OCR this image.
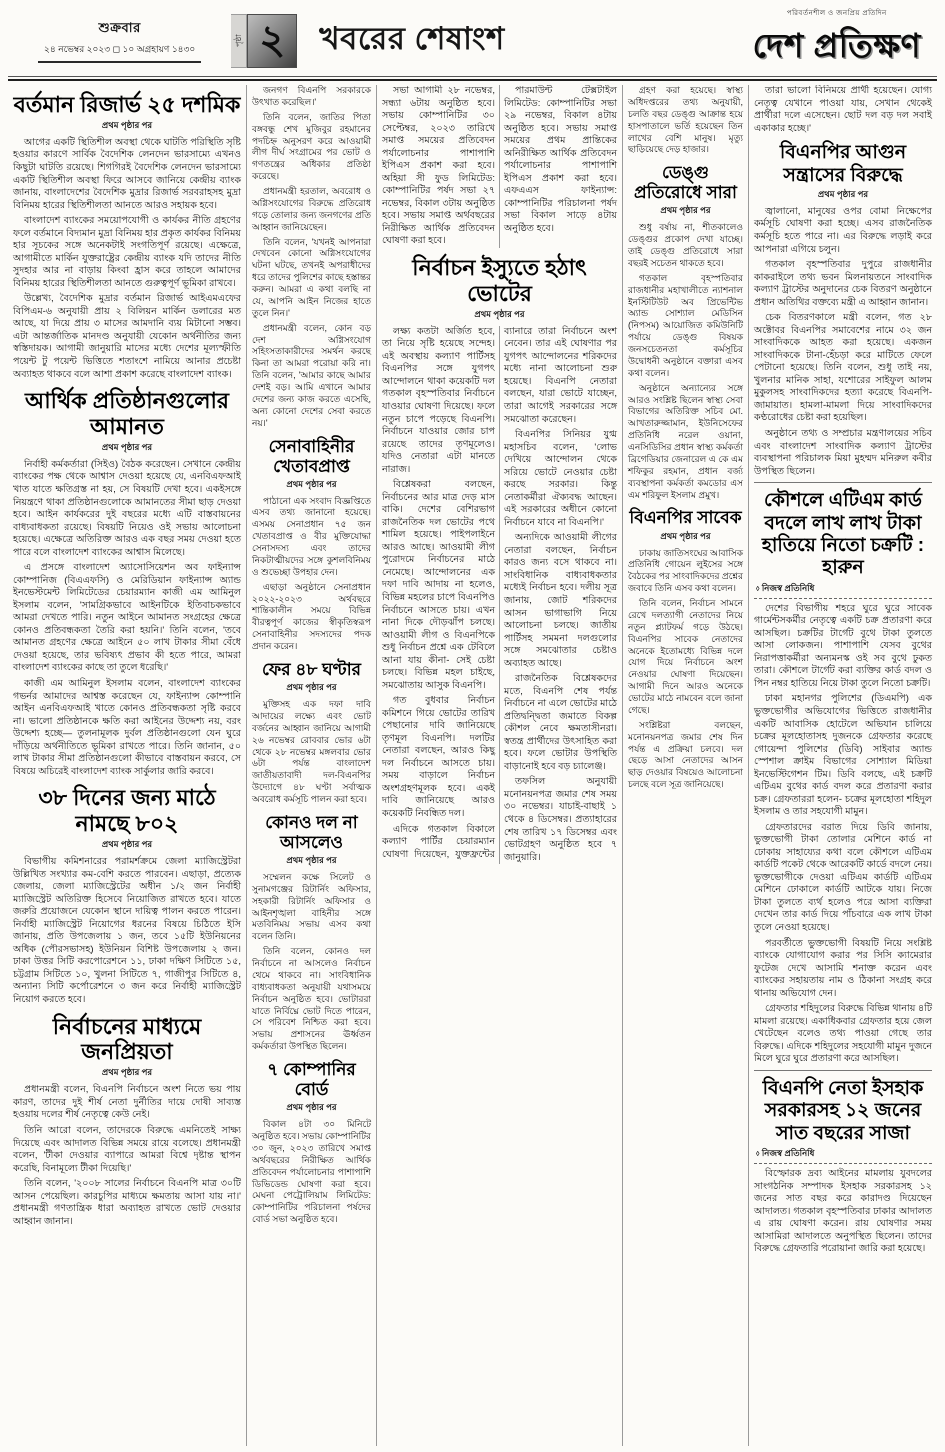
শুক্রবার
২৪ নভেম্বর ২০২৩ ◻ ১০ অগ্রহায়ণ ১৪৩০
পৃষ্ঠা ২	খবরের শেষাংশ
পরিবর্তনশীল ও জনপ্রিয় প্রতিদিন
দেশ প্রতিক্ষণ
বর্তমান রিজার্ভ ২৫ দশমিক
প্রথম পৃষ্ঠার পর

আগের একটি স্থিতিশীল অবস্থা থেকে ঘাটতি পরিস্থিতি সৃষ্টি হওয়ার কারণে সার্বিক বৈদেশিক লেনদেন ভারসাম্যে এখনও কিছুটা ঘাটতি রয়েছে। শিগগিরই বৈদেশিক লেনদেন ভারসাম্যে একটি স্থিতিশীল অবস্থা ফিরে আসবে জানিয়ে কেন্দ্রীয় ব্যাংক জানায়, বাংলাদেশের বৈদেশিক মুদ্রার রিজার্ভ সরবরাহসহ মুদ্রা বিনিময় হারের স্থিতিশীলতা আনতে আরও সহায়ক হবে।

বাংলাদেশ ব্যাংকের সময়োপযোগী ও কার্যকর নীতি গ্রহণের ফলে বর্তমানে বিদ্যমান মুদ্রা বিনিময় হার প্রকৃত কার্যকর বিনিময় হার সূচকের সঙ্গে অনেকটাই সংগতিপূর্ণ রয়েছে। এক্ষেত্রে, আগামীতে মার্কিন যুক্তরাষ্ট্রের কেন্দ্রীয় ব্যাংক যদি তাদের নীতি সুদহার আর না বাড়ায় কিংবা হ্রাস করে তাহলে আমাদের বিনিময় হারের স্থিতিশীলতা আনতে গুরুত্বপূর্ণ ভূমিকা রাখবে।

উল্লেখ্য, বৈদেশিক মুদ্রার বর্তমান রিজার্ভ আইএমএফের বিপিএম-৬ অনুযায়ী প্রায় ২ বিলিয়ন মার্কিন ডলারের মত আছে, যা দিয়ে প্রায় ৩ মাসের আমদানি ব্যয় মিটানো সম্ভব। এটা আন্তর্জাতিক মানদণ্ড অনুযায়ী যেকোন অর্থনীতির জন্য স্বস্তিদায়ক। আগামী জানুয়ারি মাসের মধ্যে দেশের মূল্যস্ফীতি পয়েন্ট টু পয়েন্ট ভিত্তিতে শতাংশে নামিয়ে আনার প্রচেষ্টা অব্যাহত থাকবে বলে আশা প্রকাশ করেছে বাংলাদেশ ব্যাংক।

আর্থিক প্রতিষ্ঠানগুলোর আমানত
প্রথম পৃষ্ঠার পর

নির্বাহী কর্মকর্তারা (সিইও) বৈঠক করেছেন। সেখানে কেন্দ্রীয় ব্যাংকের পক্ষ থেকে আশ্বাস দেওয়া হয়েছে যে, এনবিএফআই খাত যাতে ক্ষতিগ্রস্ত না হয়, সে বিষয়টি দেখা হবে। একইসঙ্গে নিয়ন্ত্রণে থাকা প্রতিষ্ঠানগুলোকে আমানতের সীমা ছাড় দেওয়া হবে। আইন কার্যকরের দুই বছরের মধ্যে এটি বাস্তবায়নের বাধ্যবাধকতা রয়েছে। বিষয়টি নিয়েও ওই সভায় আলোচনা হয়েছে। এক্ষেত্রে অতিরিক্ত আরও এক বছর সময় দেওয়া হতে পারে বলে বাংলাদেশ ব্যাংকের আশ্বাস মিলেছে।

এ প্রসঙ্গে বাংলাদেশ অ্যাসোসিয়েশন অব ফাইন্যান্স কোম্পানিজ (বিএএফসি) ও মেরিডিয়ান ফাইন্যান্স অ্যান্ড ইনভেস্টমেন্ট লিমিটেডের চেয়ারম্যান কাজী এম আমিনুল ইসলাম বলেন, 'সামগ্রিকভাবে আইনটিকে ইতিবাচকভাবে আমরা দেখতে পারি। নতুন আইনে আমানত সংগ্রহের ক্ষেত্রে কোনও প্রতিবন্ধকতা তৈরি করা হয়নি।' তিনি বলেন, 'তবে আমানত গ্রহণের ক্ষেত্রে আইনে ৫০ লাখ টাকার সীমা বেঁধে দেওয়া হয়েছে, তার ভবিষ্যৎ প্রভাব কী হতে পারে, আমরা বাংলাদেশ ব্যাংকের কাছে তা তুলে ধরেছি।'

কাজী এম আমিনুল ইসলাম বলেন, বাংলাদেশ ব্যাংকের গভর্নর আমাদের আশ্বস্ত করেছেন যে, ফাইন্যান্স কোম্পানি আইন এনবিএফআই খাতে কোনও প্রতিবন্ধকতা সৃষ্টি করবে না। ভালো প্রতিষ্ঠানকে ক্ষতি করা আইনের উদ্দেশ্য নয়, বরং উদ্দেশ্য হচ্ছে— তুলনামূলক দুর্বল প্রতিষ্ঠানগুলো যেন ঘুরে দাঁড়িয়ে অর্থনীতিতে ভূমিকা রাখতে পারে। তিনি জানান, ৫০ লাখ টাকার সীমা প্রতিষ্ঠানগুলো কীভাবে বাস্তবায়ন করবে, সে বিষয়ে অচিরেই বাংলাদেশ ব্যাংক সার্কুলার জারি করবে।

৩৮ দিনের জন্য মাঠে নামছে ৮০২
প্রথম পৃষ্ঠার পর

বিভাগীয় কমিশনারের পরামর্শক্রমে জেলা ম্যাজিস্ট্রেটরা উল্লিখিত সংখ্যার কম-বেশি করতে পারবেন। এছাড়া, প্রত্যেক জেলায়, জেলা ম্যাজিস্ট্রেটের অধীন ১/২ জন নির্বাহী ম্যাজিস্ট্রেট অতিরিক্ত হিসেবে নিয়োজিত রাখতে হবে। যাতে জরুরি প্রয়োজনে যেকোন স্থানে দায়িত্ব পালন করতে পারেন। নির্বাহী ম্যাজিস্ট্রেট নিয়োগের ধরনের বিষয়ে চিঠিতে ইসি জানায়, প্রতি উপজেলায় ১ জন, তবে ১৫টি ইউনিয়নের অধিক (পৌরসভাসহ) ইউনিয়ন বিশিষ্ট উপজেলায় ২ জন। ঢাকা উত্তর সিটি করপোরেশনে ১১, ঢাকা দক্ষিণ সিটিতে ১৫, চট্টগ্রাম সিটিতে ১০, খুলনা সিটিতে ৭, গাজীপুর সিটিতে ৪, অন্যান্য সিটি কর্পোরেশনে ৩ জন করে নির্বাহী ম্যাজিস্ট্রেট নিয়োগ করতে হবে।

নির্বাচনের মাধ্যমে জনপ্রিয়তা
প্রথম পৃষ্ঠার পর

প্রধানমন্ত্রী বলেন, বিএনপি নির্বাচনে অংশ নিতে ভয় পায় কারণ, তাদের দুই শীর্ষ নেতা দুর্নীতির দায়ে দোষী সাব্যস্ত হওয়ায় দলের শীর্ষ নেতৃত্বে কেউ নেই।

তিনি আরো বলেন, তাদেরকে বিরুদ্ধে এমনিতেই সাক্ষ্য দিয়েছে এবং আদালত বিভিন্ন সময়ে রায়ে বলেছে। প্রধানমন্ত্রী বলেন, 'টীকা দেওয়ার ব্যাপারে আমরা বিশ্বে দৃষ্টান্ত স্থাপন করেছি, বিনামূল্যে টীকা দিয়েছি।'

তিনি বলেন, '২০০৮ সালের নির্বাচনে বিএনপি মাত্র ৩০টি আসন পেয়েছিল। কারচুপির মাধ্যমে ক্ষমতায় আসা যায় না।' প্রধানমন্ত্রী গণতান্ত্রিক ধারা অব্যাহত রাখতে ভোট দেওয়ার আহ্বান জানান।

জনগণ বিএনপি সরকারকে উৎখাত করেছিল।'

তিনি বলেন, জাতির পিতা বঙ্গবন্ধু শেখ মুজিবুর রহমানের পদচিহ্ন অনুসরণ করে আওয়ামী লীগ দীর্ঘ সংগ্রামের পর ভোট ও গণতন্ত্রের অধিকার প্রতিষ্ঠা করেছে।

প্রধানমন্ত্রী হরতাল, অবরোধ ও অগ্নিসংযোগের বিরুদ্ধে প্রতিরোধ গড়ে তোলার জন্য জনগণের প্রতি আহ্বান জানিয়েছেন।

তিনি বলেন, 'যখনই আপনারা দেখবেন কোনো অগ্নিসংযোগের ঘটনা ঘটছে, তখনই অপরাধীদের ধরে তাদের পুলিশের কাছে হস্তান্তর করুন। আমরা এ কথা বলছি না যে, আপনি আইন নিজের হাতে তুলে নিন।'

প্রধানমন্ত্রী বলেন, কোন বড় দেশ অগ্নিসংযোগ সহিংসতাকারীদের সমর্থন করছে কিনা তা আমরা পরোয়া করি না। তিনি বলেন, 'আমার কাছে আমার দেশই বড়। আমি এখানে আমার দেশের জন্য কাজ করতে এসেছি, অন্য কোনো দেশের সেবা করতে নয়।'

সেনাবাহিনীর খেতাবপ্রাপ্ত
প্রথম পৃষ্ঠার পর

পাঠানো এক সংবাদ বিজ্ঞপ্তিতে এসব তথ্য জানানো হয়েছে। এসময় সেনাপ্রধান ৭৫ জন খেতাবপ্রাপ্ত ও বীর মুক্তিযোদ্ধা সেনাসদস্য এবং তাদের নিকটাত্মীয়দের সঙ্গে কুশলবিনিময় ও শুভেচ্ছা উপহার দেন।

এছাড়া অনুষ্ঠানে সেনাপ্রধান ২০২২-২০২৩ অর্থবছরে শান্তিকালীন সময়ে বিভিন্ন বীরত্বপূর্ণ কাজের স্বীকৃতিস্বরূপ সেনাবাহিনীর সদস্যদের পদক প্রদান করেন।

ফের ৪৮ ঘণ্টার
প্রথম পৃষ্ঠার পর

মুক্তিসহ এক দফা দাবি আদায়ের লক্ষ্যে এবং ভোট বর্জনের আহ্বান জানিয়ে আগামী ২৬ নভেম্বর রোববার ভোর ৬টা থেকে ২৮ নভেম্বর মঙ্গলবার ভোর ৬টা পর্যন্ত বাংলাদেশ জাতীয়তাবাদী দল-বিএনপির উদ্যোগে ৪৮ ঘণ্টা সর্বাত্মক অবরোধ কর্মসূচি পালন করা হবে।

কোনও দল না আসলেও
প্রথম পৃষ্ঠার পর

সম্মেলন কক্ষে সিলেট ও সুনামগঞ্জের রিটার্নিং অফিসার, সহকারী রিটার্নিং অফিসার ও আইনশৃঙ্খলা বাহিনীর সঙ্গে মতবিনিময় সভায় এসব কথা বলেন তিনি।

তিনি বলেন, কোনও দল নির্বাচনে না আসলেও নির্বাচন থেমে থাকবে না। সাংবিধানিক বাধ্যবাধকতা অনুযায়ী যথাসময়ে নির্বাচন অনুষ্ঠিত হবে। ভোটাররা যাতে নির্বিঘ্নে ভোট দিতে পারেন, সে পরিবেশ নিশ্চিত করা হবে। সভায় প্রশাসনের ঊর্ধ্বতন কর্মকর্তারা উপস্থিত ছিলেন।

৭ কোম্পানির বোর্ড
প্রথম পৃষ্ঠার পর

বিকাল ৪টা ৩০ মিনিটে অনুষ্ঠিত হবে। সভায় কোম্পানিটির ৩০ জুন, ২০২৩ তারিখে সমাপ্ত অর্থবছরের নিরীক্ষিত আর্থিক প্রতিবেদন পর্যালোচনার পাশাপাশি ডিভিডেন্ড ঘোষণা করা হবে। মেঘনা পেট্রোলিয়াম লিমিটেড: কোম্পানিটির পরিচালনা পর্ষদের বোর্ড সভা অনুষ্ঠিত হবে।

সভা আগামী ২৮ নভেম্বর, সন্ধ্যা ৬টায় অনুষ্ঠিত হবে। সভায় কোম্পানিটির ৩০ সেপ্টেম্বর, ২০২৩ তারিখে সমাপ্ত সময়ের প্রতিবেদন পর্যালোচনার পাশাপাশি ইপিএস প্রকাশ করা হবে। অহিয়া সী ফুড লিমিটেড: কোম্পানিটির পর্ষদ সভা ২৭ নভেম্বর, বিকাল ৩টায় অনুষ্ঠিত হবে। সভায় সমাপ্ত অর্থবছরের নিরীক্ষিত আর্থিক প্রতিবেদন ঘোষণা করা হবে।

পারমাউন্ট টেক্সটাইল লিমিটেড: কোম্পানিটির সভা ২৯ নভেম্বর, বিকাল ৪টায় অনুষ্ঠিত হবে। সভায় সমাপ্ত সময়ের প্রথম প্রান্তিকের অনিরীক্ষিত আর্থিক প্রতিবেদন পর্যালোচনার পাশাপাশি ইপিএস প্রকাশ করা হবে। এফএএস ফাইন্যান্স: কোম্পানিটির পরিচালনা পর্ষদ সভা বিকাল সাড়ে ৪টায় অনুষ্ঠিত হবে।

নির্বাচন ইস্যুতে হঠাৎ ভোটের
প্রথম পৃষ্ঠার পর

লক্ষ্য কতটা অর্জিত হবে, তা নিয়ে সৃষ্টি হয়েছে সন্দেহ। এই অবস্থায় কল্যাণ পার্টিসহ বিএনপির সঙ্গে যুগপৎ আন্দোলনে থাকা কয়েকটি দল গতকাল বৃহস্পতিবার নির্বাচনে যাওয়ার ঘোষণা দিয়েছে। ফলে নতুন চাপে পড়েছে বিএনপি। নির্বাচনে যাওয়ার জোর চাপ রয়েছে তাদের তৃণমূলেও। যদিও নেতারা এটা মানতে নারাজ।

বিশ্লেষকরা বলছেন, নির্বাচনের আর মাত্র দেড় মাস বাকি। দেশের বেশিরভাগ রাজনৈতিক দল ভোটের পথে শামিল হয়েছে। পাইপলাইনে আরও আছে। আওয়ামী লীগ পুরোদমে নির্বাচনের মাঠে নেমেছে। আন্দোলনের এক দফা দাবি আদায় না হলেও, বিভিন্ন মহলের চাপে বিএনপিও নির্বাচনে আসতে চায়। এখন নানা দিকে দৌড়ঝাঁপ চলছে। আওয়ামী লীগ ও বিএনপিকে শুধু নির্বাচন প্রশ্নে এক টেবিলে আনা যায় কীনা- সেই চেষ্টা চলছে। বিভিন্ন মহল চাইছে, সমঝোতায় আসুক বিএনপি।

গত বুধবার নির্বাচন কমিশনে গিয়ে ভোটের তারিখ পেছানোর দাবি জানিয়েছে তৃণমূল বিএনপি। দলটির নেতারা বলছেন, আরও কিছু দল নির্বাচনে আসতে চায়। সময় বাড়ালে নির্বাচন অংশগ্রহণমূলক হবে। একই দাবি জানিয়েছে আরও কয়েকটি নিবন্ধিত দল।

এদিকে গতকাল বিকালে কল্যাণ পার্টির চেয়ারম্যান ঘোষণা দিয়েছেন, যুক্তফ্রন্টের ব্যানারে তারা নির্বাচনে অংশ নেবেন। তার এই ঘোষণার পর যুগপৎ আন্দোলনের শরিকদের মধ্যে নানা আলোচনা শুরু হয়েছে। বিএনপি নেতারা বলছেন, যারা ভোটে যাচ্ছেন, তারা আগেই সরকারের সঙ্গে সমঝোতা করেছেন।

বিএনপির সিনিয়র যুগ্ম মহাসচিব বলেন, 'লোভ দেখিয়ে আন্দোলন থেকে সরিয়ে ভোটে নেওয়ার চেষ্টা করছে সরকার। কিন্তু নেতাকর্মীরা ঐক্যবদ্ধ আছেন। এই সরকারের অধীনে কোনো নির্বাচনে যাবে না বিএনপি।'

অন্যদিকে আওয়ামী লীগের নেতারা বলছেন, নির্বাচন কারও জন্য বসে থাকবে না। সাংবিধানিক বাধ্যবাধকতার মধ্যেই নির্বাচন হবে। দলীয় সূত্র জানায়, জোট শরিকদের আসন ভাগাভাগি নিয়ে আলোচনা চলছে। জাতীয় পার্টিসহ সমমনা দলগুলোর সঙ্গে সমঝোতার চেষ্টাও অব্যাহত আছে।

রাজনৈতিক বিশ্লেষকদের মতে, বিএনপি শেষ পর্যন্ত নির্বাচনে না এলে ভোটের মাঠে প্রতিদ্বন্দ্বিতা জমাতে বিকল্প কৌশল নেবে ক্ষমতাসীনরা। স্বতন্ত্র প্রার্থীদের উৎসাহিত করা হবে। ফলে ভোটার উপস্থিতি বাড়ানোই হবে বড় চ্যালেঞ্জ।

তফসিল অনুযায়ী মনোনয়নপত্র জমার শেষ সময় ৩০ নভেম্বর। যাচাই-বাছাই ১ থেকে ৪ ডিসেম্বর। প্রত্যাহারের শেষ তারিখ ১৭ ডিসেম্বর এবং ভোটগ্রহণ অনুষ্ঠিত হবে ৭ জানুয়ারি।

গ্রহণ করা হয়েছে। স্বাস্থ্য অধিদপ্তরের তথ্য অনুযায়ী, চলতি বছর ডেঙ্গু আক্রান্ত হয়ে হাসপাতালে ভর্তি হয়েছেন তিন লাখের বেশি মানুষ। মৃত্যু ছাড়িয়েছে দেড় হাজার।

ডেঙ্গু প্রতিরোধে সারা
প্রথম পৃষ্ঠার পর

শুধু বর্ষায় না, শীতকালেও ডেঙ্গুর প্রকোপ দেখা যাচ্ছে। তাই ডেঙ্গু প্রতিরোধে সারা বছরই সচেতন থাকতে হবে।

গতকাল বৃহস্পতিবার রাজধানীর মহাখালীতে ন্যাশনাল ইনস্টিটিউট অব প্রিভেন্টিভ অ্যান্ড সোশ্যাল মেডিসিন (নিপসম) আয়োজিত কমিউনিটি পর্যায়ে ডেঙ্গু বিষয়ক জনসচেতনতা কর্মসূচির উদ্বোধনী অনুষ্ঠানে বক্তারা এসব কথা বলেন।

অনুষ্ঠানে অন্যান্যের সঙ্গে আরও সংশ্লিষ্ট ছিলেন স্বাস্থ্য সেবা বিভাগের অতিরিক্ত সচিব মো. আখতারুজ্জামান, ইউনিসেফের প্রতিনিধি নরেল ওয়ানা, এনসিডিসির প্রধান স্বাস্থ্য কর্মকর্তা ব্রিগেডিয়ার জেনারেল এ কে এম শফিকুর রহমান, প্রধান বর্জ্য ব্যবস্থাপনা কর্মকর্তা কমডোর এস এম শরিফুল ইসলাম প্রমুখ।

বিএনপির সাবেক
প্রথম পৃষ্ঠার পর

ঢাকায় জাতিসংঘের আবাসিক প্রতিনিধি গোয়েন লুইসের সঙ্গে বৈঠকের পর সাংবাদিকদের প্রশ্নের জবাবে তিনি এসব কথা বলেন।

তিনি বলেন, নির্বাচন সামনে রেখে দলত্যাগী নেতাদের নিয়ে নতুন প্ল্যাটফর্ম গড়ে উঠছে। বিএনপির সাবেক নেতাদের অনেকে ইতোমধ্যে বিভিন্ন দলে যোগ দিয়ে নির্বাচনে অংশ নেওয়ার ঘোষণা দিয়েছেন। আগামী দিনে আরও অনেকে ভোটের মাঠে নামবেন বলে জানা গেছে।

সংশ্লিষ্টরা বলছেন, মনোনয়নপত্র জমার শেষ দিন পর্যন্ত এ প্রক্রিয়া চলবে। দল ছেড়ে আসা নেতাদের আসন ছাড় দেওয়ার বিষয়েও আলোচনা চলছে বলে সূত্র জানিয়েছে।

তারা ভালো বিনিময়ে প্রার্থী হয়েছেন। যোগ্য নেতৃত্ব যেখানে পাওয়া যায়, সেখান থেকেই প্রার্থীরা দলে এসেছেন। ছোট দল বড় দল সবাই একাকার হচ্ছে।'

বিএনপির আগুন সন্ত্রাসের বিরুদ্ধে
প্রথম পৃষ্ঠার পর

জ্বালানো, মানুষের ওপর বোমা নিক্ষেপের কর্মসূচি ঘোষণা করা হচ্ছে। এসব রাজনৈতিক কর্মসূচি হতে পারে না। এর বিরুদ্ধে লড়াই করে আপনারা এগিয়ে চলুন।

গতকাল বৃহস্পতিবার দুপুরে রাজধানীর কাকরাইলে তথ্য ভবন মিলনায়তনে সাংবাদিক কল্যাণ ট্রাস্টের অনুদানের চেক বিতরণ অনুষ্ঠানে প্রধান অতিথির বক্তব্যে মন্ত্রী এ আহ্বান জানান।

চেক বিতরণকালে মন্ত্রী বলেন, গত ২৮ অক্টোবর বিএনপির সমাবেশের নামে ৩২ জন সাংবাদিককে আহত করা হয়েছে। একজন সাংবাদিককে টানা-হেঁচড়া করে মাটিতে ফেলে পেটানো হয়েছে। তিনি বলেন, শুধু তাই নয়, খুলনার মানিক সাহা, যশোরের সাইফুল আলম মুকুলসহ সাংবাদিকদের হত্যা করেছে বিএনপি-জামায়াত। হামলা-মামলা দিয়ে সাংবাদিকদের কণ্ঠরোধের চেষ্টা করা হয়েছিল।

অনুষ্ঠানে তথ্য ও সম্প্রচার মন্ত্রণালয়ের সচিব এবং বাংলাদেশ সাংবাদিক কল্যাণ ট্রাস্টের ব্যবস্থাপনা পরিচালক মিয়া মুহম্মদ মনিরুল কবীর উপস্থিত ছিলেন।

কৌশলে এটিএম কার্ড বদলে লাখ লাখ টাকা হাতিয়ে নিতো চক্রটি : হারুন
◊ নিজস্ব প্রতিনিধি

দেশের বিভাগীয় শহরে ঘুরে ঘুরে সাবেক গার্মেন্টসকর্মীর নেতৃত্বে একটি চক্র প্রতারণা করে আসছিল। চক্রটির টার্গেট বুথে টাকা তুলতে আসা লোকজন। পাশাপাশি যেসব বুথের নিরাপত্তাকর্মীরা অন্যমনস্ক ওই সব বুথে ঢুকত তারা। কৌশলে টার্গেট করা ব্যক্তির কার্ড বদল ও পিন নম্বর হাতিয়ে নিয়ে টাকা তুলে নিতো চক্রটি।

ঢাকা মহানগর পুলিশের (ডিএমপি) এক ভুক্তভোগীর অভিযোগের ভিত্তিতে রাজধানীর একটি আবাসিক হোটেলে অভিযান চালিয়ে চক্রের মূলহোতাসহ দুজনকে গ্রেফতার করেছে গোয়েন্দা পুলিশের (ডিবি) সাইবার অ্যান্ড স্পেশাল ক্রাইম বিভাগের সোশ্যাল মিডিয়া ইনভেস্টিগেশন টিম। ডিবি বলছে, এই চক্রটি এটিএম বুথের কার্ড বদল করে প্রতারণা করার চক্র। গ্রেফতাররা হলেন- চক্রের মূলহোতা শহিদুল ইসলাম ও তার সহযোগী মামুন।

গ্রেফতারদের বরাত দিয়ে ডিবি জানায়, ভুক্তভোগী টাকা তোলার মেশিনে কার্ড না ঢোকায় সাহায্যের কথা বলে কৌশলে এটিএম কার্ডটি পকেট থেকে আরেকটি কার্ডে বদলে নেয়। ভুক্তভোগীকে দেওয়া এটিএম কার্ডটি এটিএম মেশিনে ঢোকালে কার্ডটি আটকে যায়। নিজে টাকা তুলতে ব্যর্থ হলেও পরে আসা ব্যক্তিরা দেখেন তার কার্ড দিয়ে পাঁচবারে এক লাখ টাকা তুলে নেওয়া হয়েছে।

পরবর্তীতে ভুক্তভোগী বিষয়টি নিয়ে সংশ্লিষ্ট ব্যাংকে যোগাযোগ করার পর সিসি ক্যামেরার ফুটেজ দেখে আসামি শনাক্ত করেন এবং ব্যাংকের সহায়তায় নাম ও ঠিকানা সংগ্রহ করে থানায় অভিযোগ দেন।

গ্রেফতার শহিদুলের বিরুদ্ধে বিভিন্ন থানায় ৪টি মামলা রয়েছে। একাধিকবার গ্রেফতার হয়ে জেল খেটেছেন বলেও তথ্য পাওয়া গেছে তার বিরুদ্ধে। এদিকে শহিদুলের সহযোগী মামুন দুজনে মিলে ঘুরে ঘুরে প্রতারণা করে আসছিল।

বিএনপি নেতা ইসহাক সরকারসহ ১২ জনের সাত বছরের সাজা
◊ নিজস্ব প্রতিনিধি

বিস্ফোরক দ্রব্য আইনের মামলায় যুবদলের সাংগঠনিক সম্পাদক ইসহাক সরকারসহ ১২ জনের সাত বছর করে কারাদণ্ড দিয়েছেন আদালত। গতকাল বৃহস্পতিবার ঢাকার আদালত এ রায় ঘোষণা করেন। রায় ঘোষণার সময় আসামিরা আদালতে অনুপস্থিত ছিলেন। তাদের বিরুদ্ধে গ্রেফতারি পরোয়ানা জারি করা হয়েছে।
